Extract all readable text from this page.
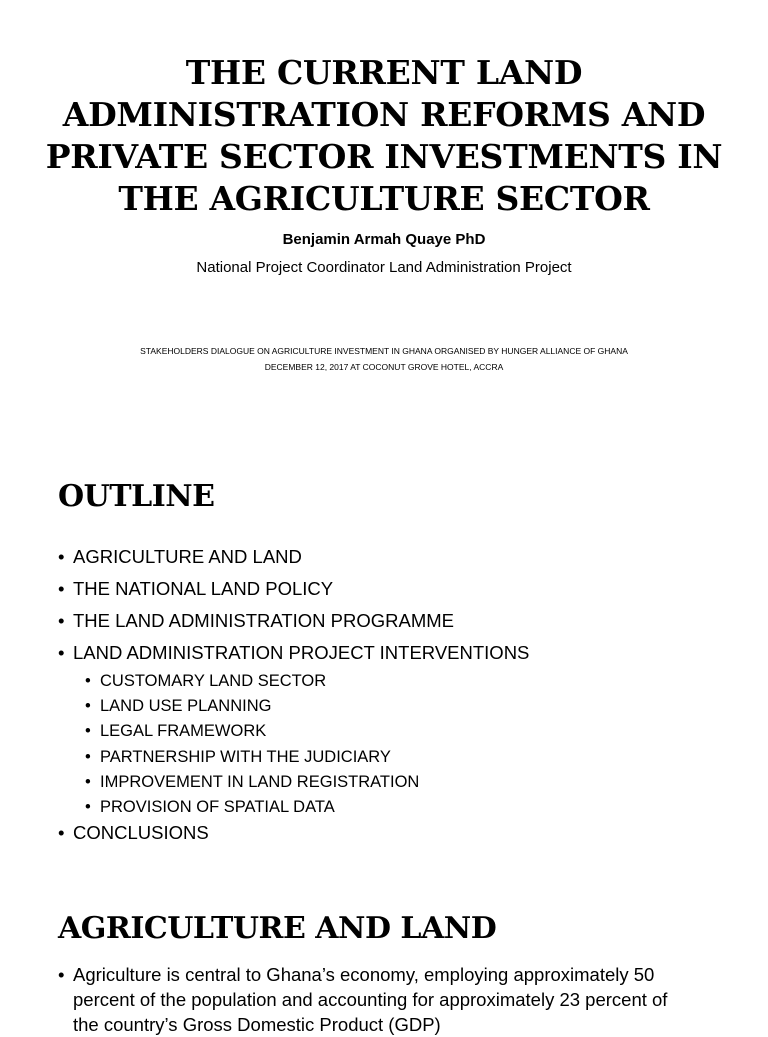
THE CURRENT LAND ADMINISTRATION REFORMS AND PRIVATE SECTOR INVESTMENTS IN THE AGRICULTURE SECTOR
Benjamin Armah Quaye PhD
National Project Coordinator Land Administration Project
STAKEHOLDERS DIALOGUE ON AGRICULTURE INVESTMENT IN GHANA ORGANISED BY HUNGER ALLIANCE OF GHANA
DECEMBER 12, 2017 AT COCONUT GROVE HOTEL, ACCRA
OUTLINE
• AGRICULTURE AND LAND
• THE NATIONAL LAND POLICY
• THE LAND ADMINISTRATION PROGRAMME
• LAND ADMINISTRATION PROJECT INTERVENTIONS
• CUSTOMARY LAND SECTOR
• LAND USE PLANNING
• LEGAL FRAMEWORK
• PARTNERSHIP WITH THE JUDICIARY
• IMPROVEMENT IN LAND REGISTRATION
• PROVISION OF SPATIAL DATA
• CONCLUSIONS
AGRICULTURE AND LAND
• Agriculture is central to Ghana’s economy, employing approximately 50 percent of the population and accounting for approximately 23 percent of the country’s Gross Domestic Product (GDP)
